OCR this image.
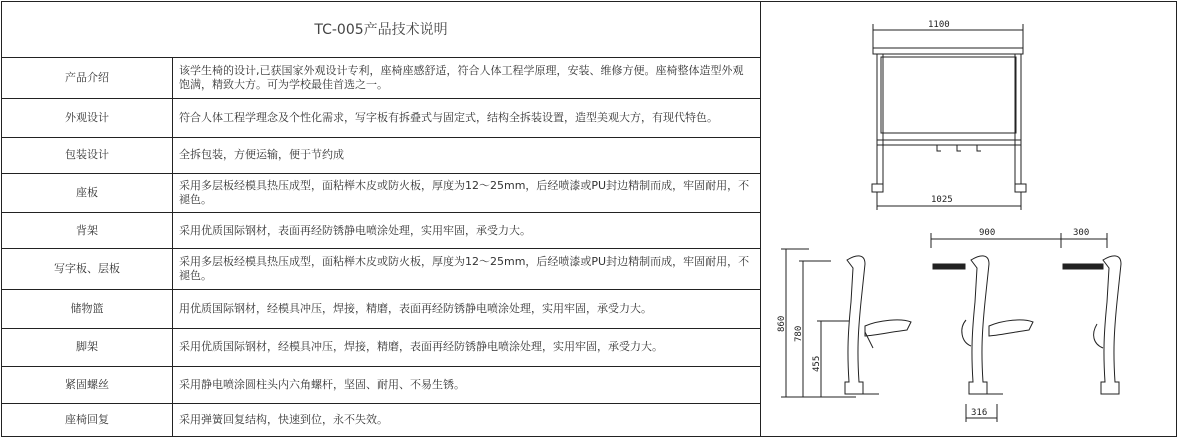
TC-005产品技术说明	
产品介绍	该学生椅的设计,已获国家外观设计专利，座椅座感舒适，符合人体工程学原理，安装、维修方便。座椅整体造型外观饱满，精致大方。可为学校最佳首选之一。
外观设计	符合人体工程学理念及个性化需求，写字板有拆叠式与固定式，结构全拆装设置，造型美观大方，有现代特色。
包装设计	全拆包装，方便运输，便于节约成
座板	采用多层板经模具热压成型，面粘榉木皮或防火板，厚度为12～25mm，后经喷漆或PU封边精制而成，牢固耐用，不褪色。
背架	采用优质国际钢材，表面再经防锈静电喷涂处理，实用牢固，承受力大。
写字板、层板	采用多层板经模具热压成型，面粘榉木皮或防火板，厚度为12～25mm，后经喷漆或PU封边精制而成，牢固耐用，不褪色。
储物篮	用优质国际钢材，经模具冲压，焊接，精磨，表面再经防锈静电喷涂处理，实用牢固，承受力大。
脚架	采用优质国际钢材，经模具冲压，焊接，精磨，表面再经防锈静电喷涂处理，实用牢固，承受力大。
紧固螺丝	采用静电喷涂圆柱头内六角螺杆，坚固、耐用、不易生锈。
座椅回复	采用弹簧回复结构，快速到位，永不失效。
1100
1025
900	300
860
780
455
316
